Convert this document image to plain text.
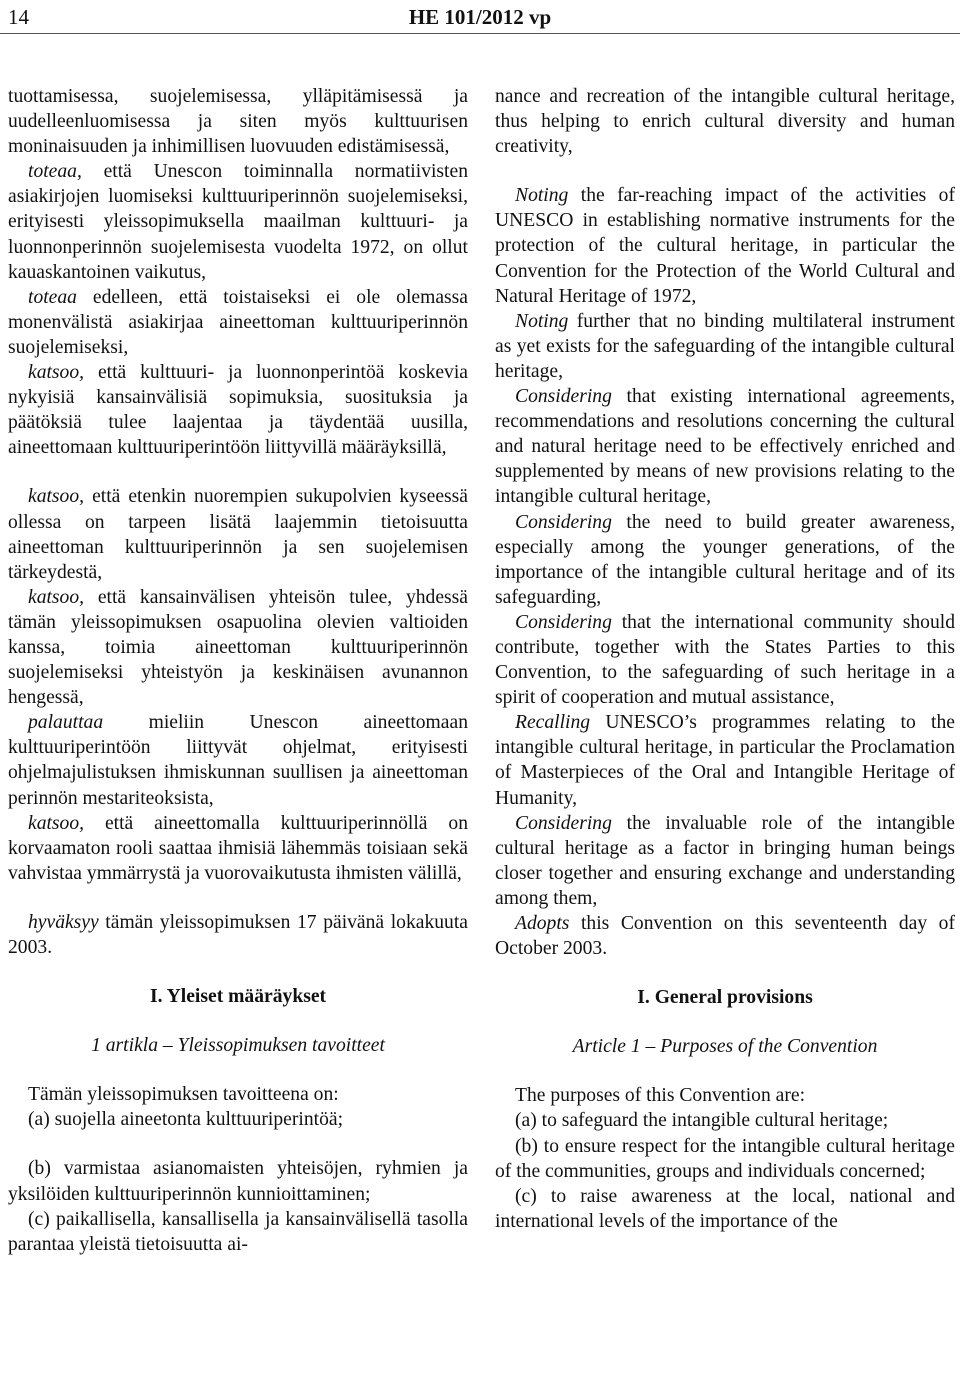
14	HE 101/2012 vp

tuottamisessa, suojelemisessa, ylläpitämisessä ja uudelleenluomisessa ja siten myös kulttuurisen moninaisuuden ja inhimillisen luovuuden edistämisessä,

toteaa, että Unescon toiminnalla normatiivisten asiakirjojen luomiseksi kulttuuriperinnön suojelemiseksi, erityisesti yleissopimuksella maailman kulttuuri- ja luonnonperinnön suojelemisesta vuodelta 1972, on ollut kauaskantoinen vaikutus,

toteaa edelleen, että toistaiseksi ei ole olemassa monenvälistä asiakirjaa aineettoman kulttuuriperinnön suojelemiseksi,

katsoo, että kulttuuri- ja luonnonperintöä koskevia nykyisiä kansainvälisiä sopimuksia, suosituksia ja päätöksiä tulee laajentaa ja täydentää uusilla, aineettomaan kulttuuriperintöön liittyvillä määräyksillä,

katsoo, että etenkin nuorempien sukupolvien kyseessä ollessa on tarpeen lisätä laajemmin tietoisuutta aineettoman kulttuuriperinnön ja sen suojelemisen tärkeydestä,

katsoo, että kansainvälisen yhteisön tulee, yhdessä tämän yleissopimuksen osapuolina olevien valtioiden kanssa, toimia aineettoman kulttuuriperinnön suojelemiseksi yhteistyön ja keskinäisen avunannon hengessä,

palauttaa mieliin Unescon aineettomaan kulttuuriperintöön liittyvät ohjelmat, erityisesti ohjelmajulistuksen ihmiskunnan suullisen ja aineettoman perinnön mestariteoksista,

katsoo, että aineettomalla kulttuuriperinnöllä on korvaamaton rooli saattaa ihmisiä lähemmäs toisiaan sekä vahvistaa ymmärrystä ja vuorovaikutusta ihmisten välillä,

hyväksyy tämän yleissopimuksen 17 päivänä lokakuuta 2003.

I. Yleiset määräykset

1 artikla – Yleissopimuksen tavoitteet

Tämän yleissopimuksen tavoitteena on:

(a) suojella aineetonta kulttuuriperintöä;

(b) varmistaa asianomaisten yhteisöjen, ryhmien ja yksilöiden kulttuuriperinnön kunnioittaminen;

(c) paikallisella, kansallisella ja kansainvälisellä tasolla parantaa yleistä tietoisuutta ai-

nance and recreation of the intangible cultural heritage, thus helping to enrich cultural diversity and human creativity,

Noting the far-reaching impact of the activities of UNESCO in establishing normative instruments for the protection of the cultural heritage, in particular the Convention for the Protection of the World Cultural and Natural Heritage of 1972,

Noting further that no binding multilateral instrument as yet exists for the safeguarding of the intangible cultural heritage,

Considering that existing international agreements, recommendations and resolutions concerning the cultural and natural heritage need to be effectively enriched and supplemented by means of new provisions relating to the intangible cultural heritage,

Considering the need to build greater awareness, especially among the younger generations, of the importance of the intangible cultural heritage and of its safeguarding,

Considering that the international community should contribute, together with the States Parties to this Convention, to the safeguarding of such heritage in a spirit of cooperation and mutual assistance,

Recalling UNESCO’s programmes relating to the intangible cultural heritage, in particular the Proclamation of Masterpieces of the Oral and Intangible Heritage of Humanity,

Considering the invaluable role of the intangible cultural heritage as a factor in bringing human beings closer together and ensuring exchange and understanding among them,

Adopts this Convention on this seventeenth day of October 2003.

I. General provisions

Article 1 – Purposes of the Convention

The purposes of this Convention are:

(a) to safeguard the intangible cultural heritage;

(b) to ensure respect for the intangible cultural heritage of the communities, groups and individuals concerned;

(c) to raise awareness at the local, national and international levels of the importance of the
